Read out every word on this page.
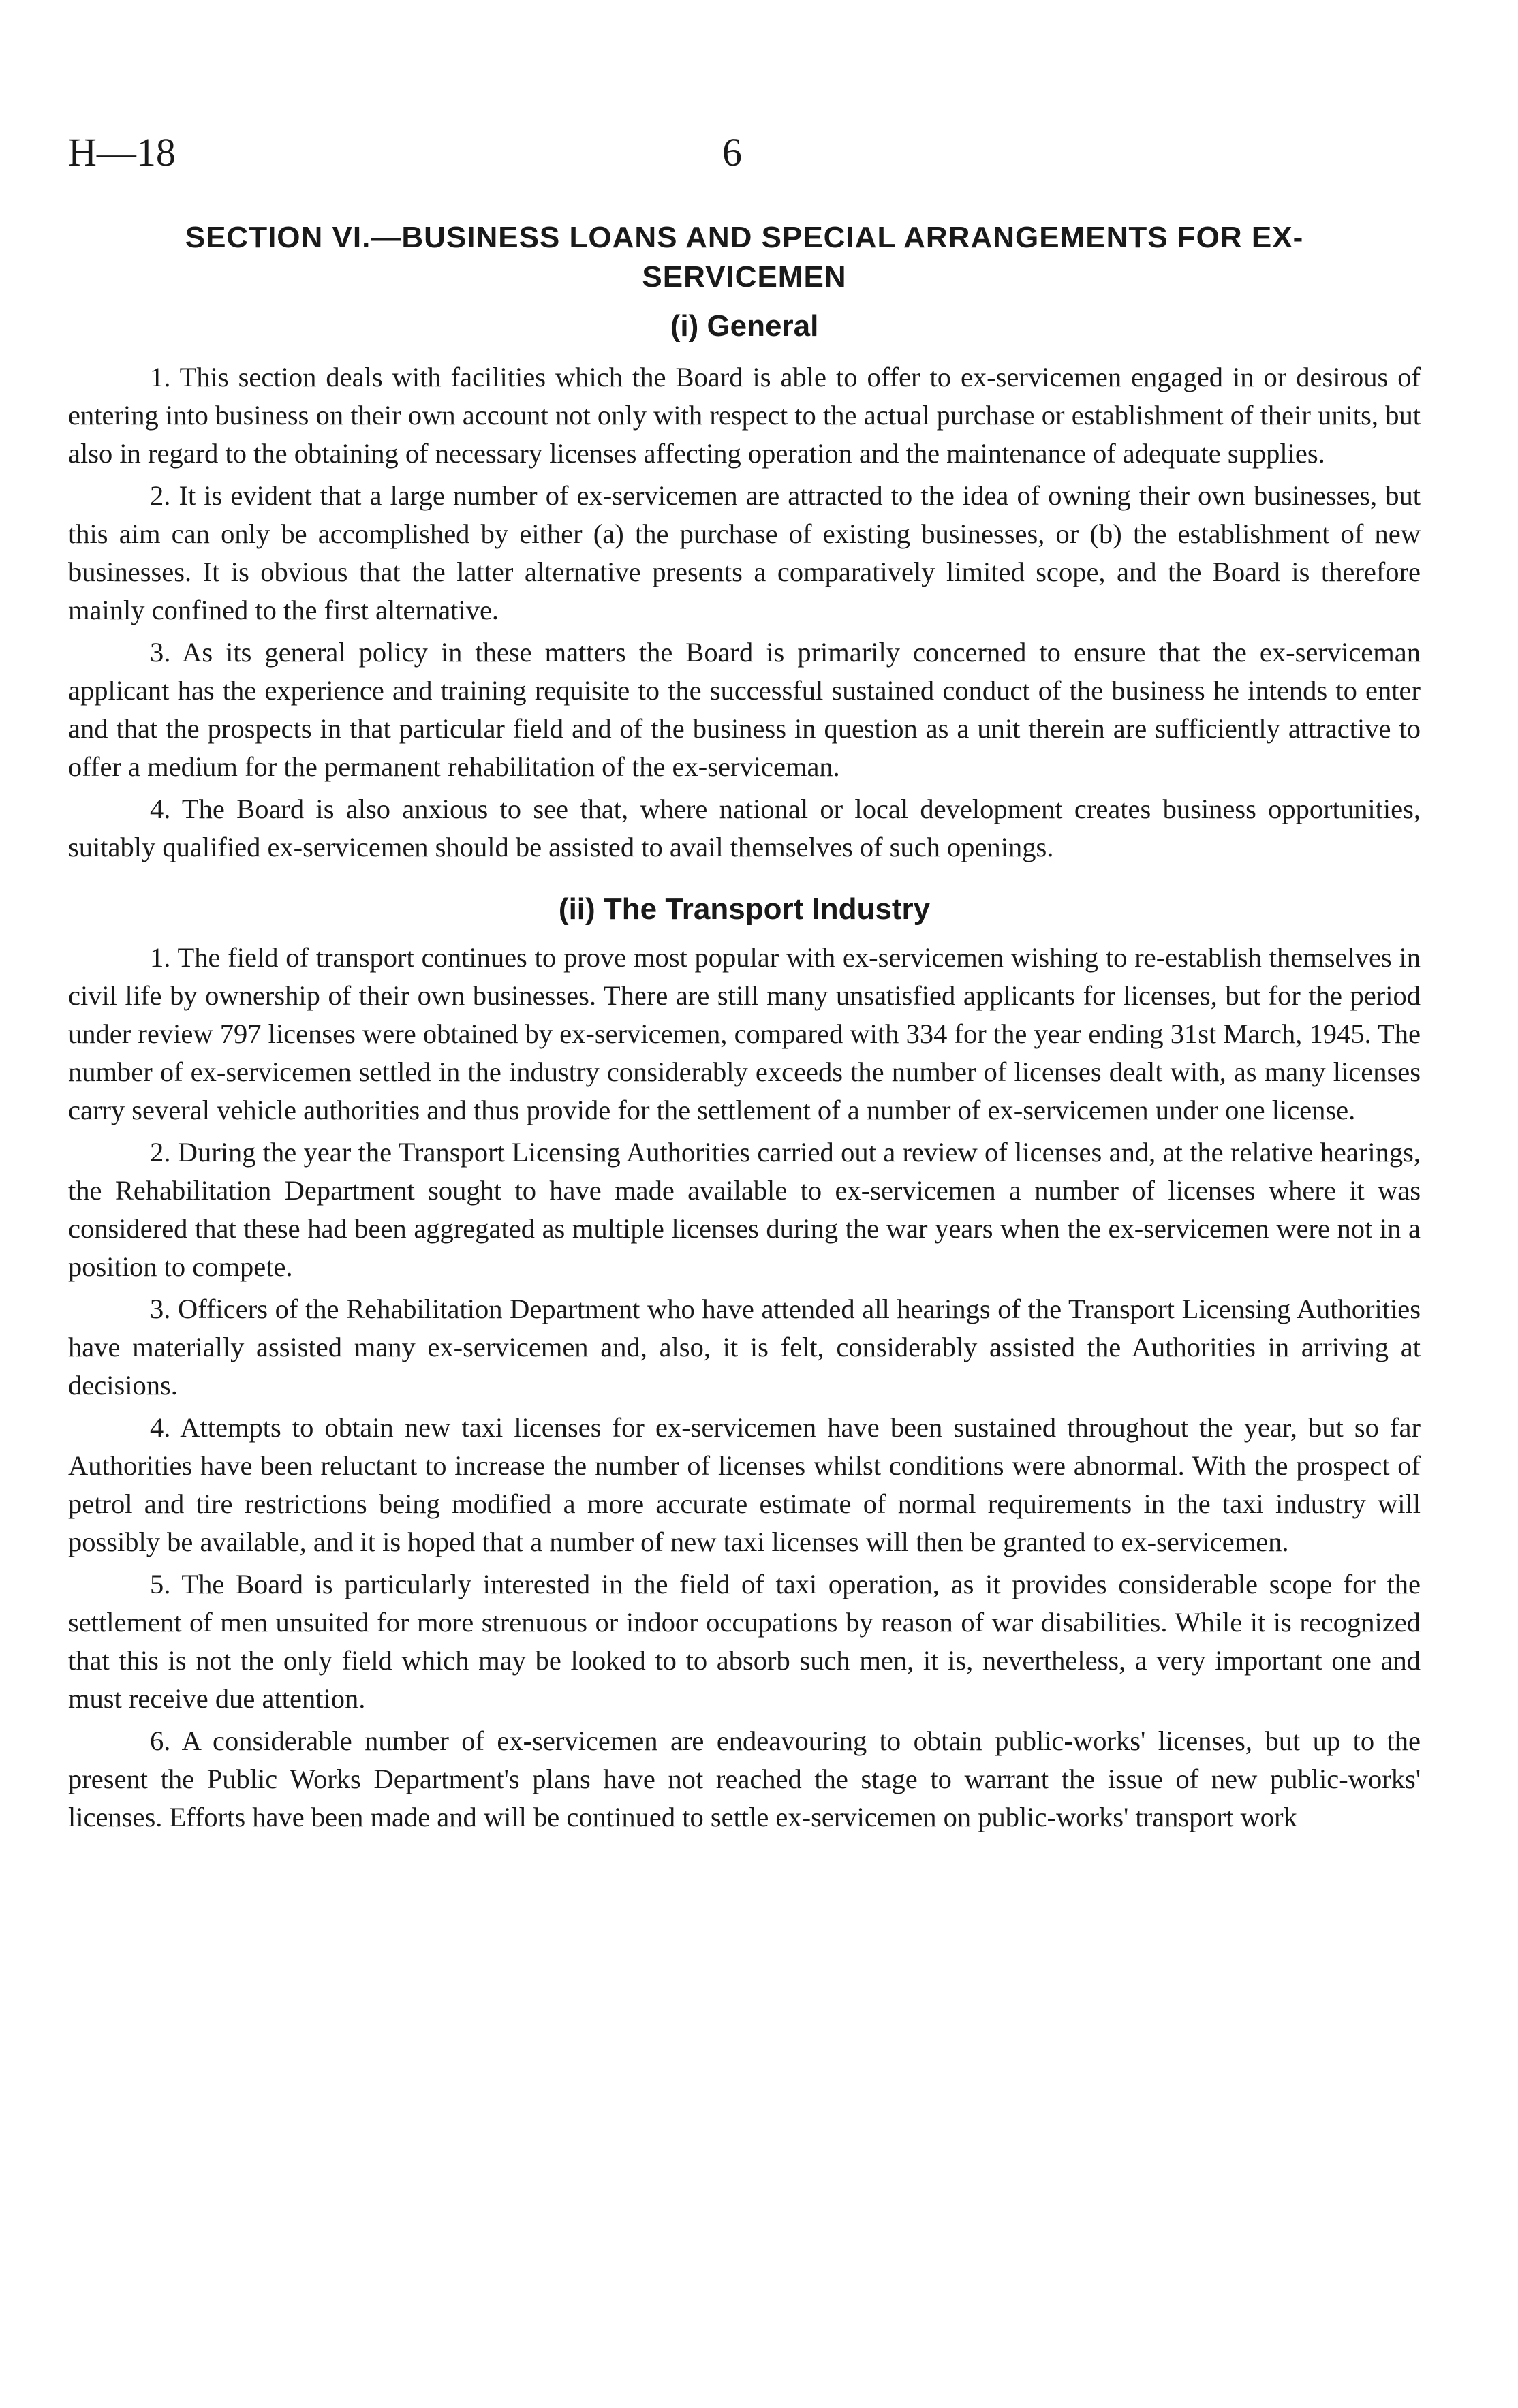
H—18	6
SECTION VI.—BUSINESS LOANS AND SPECIAL ARRANGEMENTS FOR EX-
SERVICEMEN
(i) General

1. This section deals with facilities which the Board is able to offer to ex-servicemen engaged in or desirous of entering into business on their own account not only with respect to the actual purchase or establishment of their units, but also in regard to the obtaining of necessary licenses affecting operation and the maintenance of adequate supplies.

2. It is evident that a large number of ex-servicemen are attracted to the idea of owning their own businesses, but this aim can only be accomplished by either (a) the purchase of existing businesses, or (b) the establishment of new businesses. It is obvious that the latter alternative presents a comparatively limited scope, and the Board is therefore mainly confined to the first alternative.

3. As its general policy in these matters the Board is primarily concerned to ensure that the ex-serviceman applicant has the experience and training requisite to the successful sustained conduct of the business he intends to enter and that the prospects in that particular field and of the business in question as a unit therein are sufficiently attractive to offer a medium for the permanent rehabilitation of the ex-serviceman.

4. The Board is also anxious to see that, where national or local development creates business opportunities, suitably qualified ex-servicemen should be assisted to avail themselves of such openings.

(ii) The Transport Industry

1. The field of transport continues to prove most popular with ex-servicemen wishing to re-establish themselves in civil life by ownership of their own businesses. There are still many unsatisfied applicants for licenses, but for the period under review 797 licenses were obtained by ex-servicemen, compared with 334 for the year ending 31st March, 1945. The number of ex-servicemen settled in the industry considerably exceeds the number of licenses dealt with, as many licenses carry several vehicle authorities and thus provide for the settlement of a number of ex-servicemen under one license.

2. During the year the Transport Licensing Authorities carried out a review of licenses and, at the relative hearings, the Rehabilitation Department sought to have made available to ex-servicemen a number of licenses where it was considered that these had been aggregated as multiple licenses during the war years when the ex-servicemen were not in a position to compete.

3. Officers of the Rehabilitation Department who have attended all hearings of the Transport Licensing Authorities have materially assisted many ex-servicemen and, also, it is felt, considerably assisted the Authorities in arriving at decisions.

4. Attempts to obtain new taxi licenses for ex-servicemen have been sustained throughout the year, but so far Authorities have been reluctant to increase the number of licenses whilst conditions were abnormal. With the prospect of petrol and tire restrictions being modified a more accurate estimate of normal requirements in the taxi industry will possibly be available, and it is hoped that a number of new taxi licenses will then be granted to ex-servicemen.

5. The Board is particularly interested in the field of taxi operation, as it provides considerable scope for the settlement of men unsuited for more strenuous or indoor occupations by reason of war disabilities. While it is recognized that this is not the only field which may be looked to to absorb such men, it is, nevertheless, a very important one and must receive due attention.

6. A considerable number of ex-servicemen are endeavouring to obtain public-works' licenses, but up to the present the Public Works Department's plans have not reached the stage to warrant the issue of new public-works' licenses. Efforts have been made and will be continued to settle ex-servicemen on public-works' transport work
